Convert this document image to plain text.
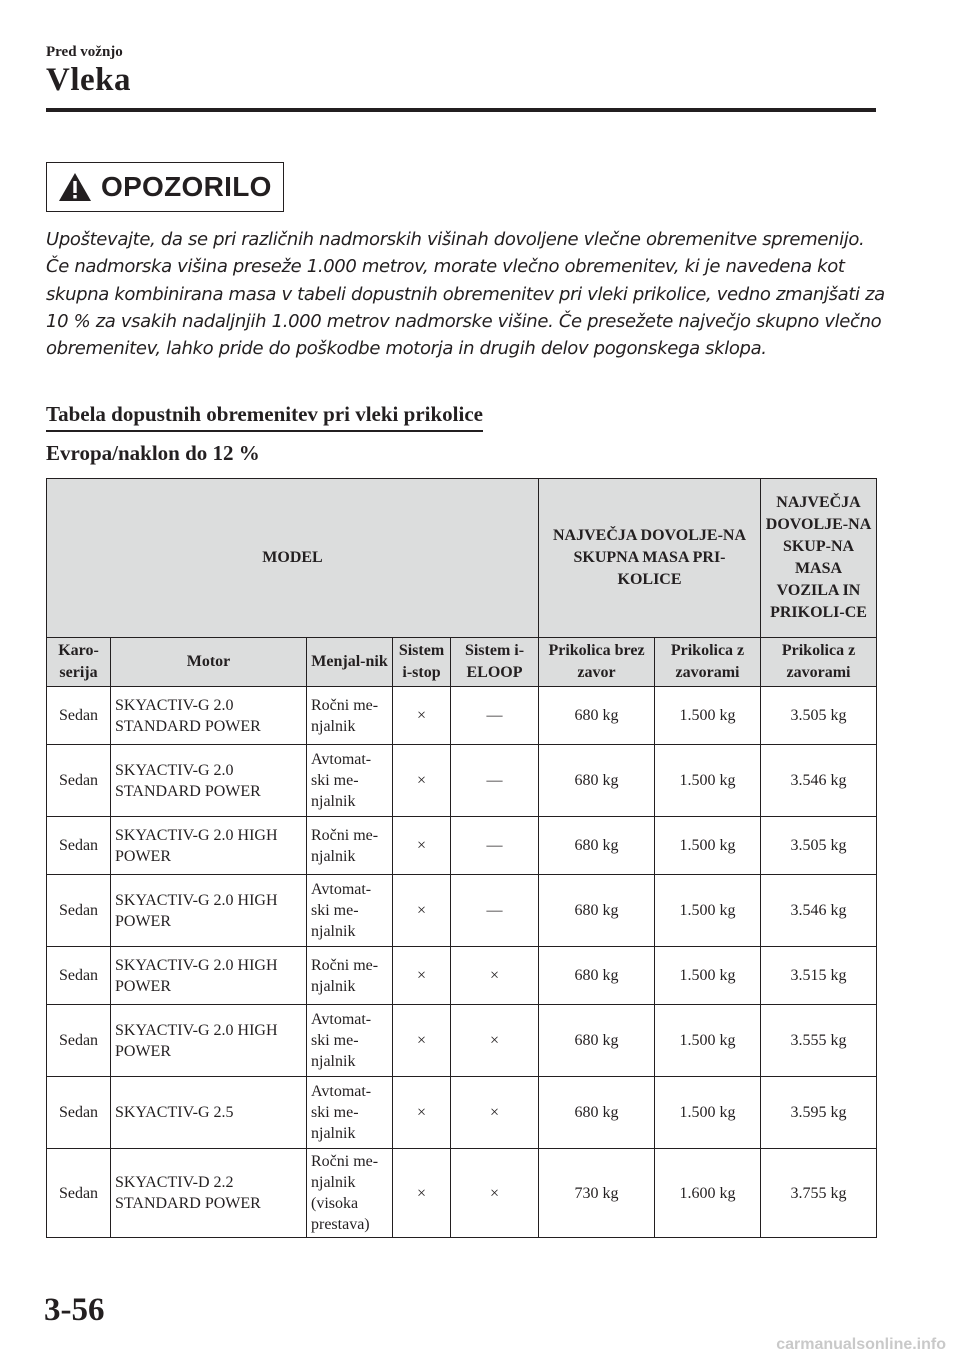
Pred vožnjo
Vleka
OPOZORILO
Upoštevajte, da se pri različnih nadmorskih višinah dovoljene vlečne obremenitve spremenijo. Če nadmorska višina preseže 1.000 metrov, morate vlečno obremenitev, ki je navedena kot skupna kombinirana masa v tabeli dopustnih obremenitev pri vleki prikolice, vedno zmanjšati za 10 % za vsakih nadaljnjih 1.000 metrov nadmorske višine. Če presežete največjo skupno vlečno obremenitev, lahko pride do poškodbe motorja in drugih delov pogonskega sklopa.
Tabela dopustnih obremenitev pri vleki prikolice
Evropa/naklon do 12 %
MODEL					NAJVEČJA DOVOLJE-NA SKUPNA MASA PRI-KOLICE		NAJVEČJA DOVOLJE-NA SKUP-NA MASA VOZILA IN PRIKOLI-CE
Karo-serija	Motor	Menjal-nik	Sistem i-stop	Sistem i-ELOOP	Prikolica brez zavor	Prikolica z zavorami	Prikolica z zavorami
Sedan	SKYACTIV-G 2.0 STANDARD POWER	Ročni me-njalnik	×	—	680 kg	1.500 kg	3.505 kg
Sedan	SKYACTIV-G 2.0 STANDARD POWER	Avtomat-ski me-njalnik	×	—	680 kg	1.500 kg	3.546 kg
Sedan	SKYACTIV-G 2.0 HIGH POWER	Ročni me-njalnik	×	—	680 kg	1.500 kg	3.505 kg
Sedan	SKYACTIV-G 2.0 HIGH POWER	Avtomat-ski me-njalnik	×	—	680 kg	1.500 kg	3.546 kg
Sedan	SKYACTIV-G 2.0 HIGH POWER	Ročni me-njalnik	×	×	680 kg	1.500 kg	3.515 kg
Sedan	SKYACTIV-G 2.0 HIGH POWER	Avtomat-ski me-njalnik	×	×	680 kg	1.500 kg	3.555 kg
Sedan	SKYACTIV-G 2.5	Avtomat-ski me-njalnik	×	×	680 kg	1.500 kg	3.595 kg
Sedan	SKYACTIV-D 2.2 STANDARD POWER	Ročni me-njalnik (visoka prestava)	×	×	730 kg	1.600 kg	3.755 kg
3-56
carmanualsonline.info
